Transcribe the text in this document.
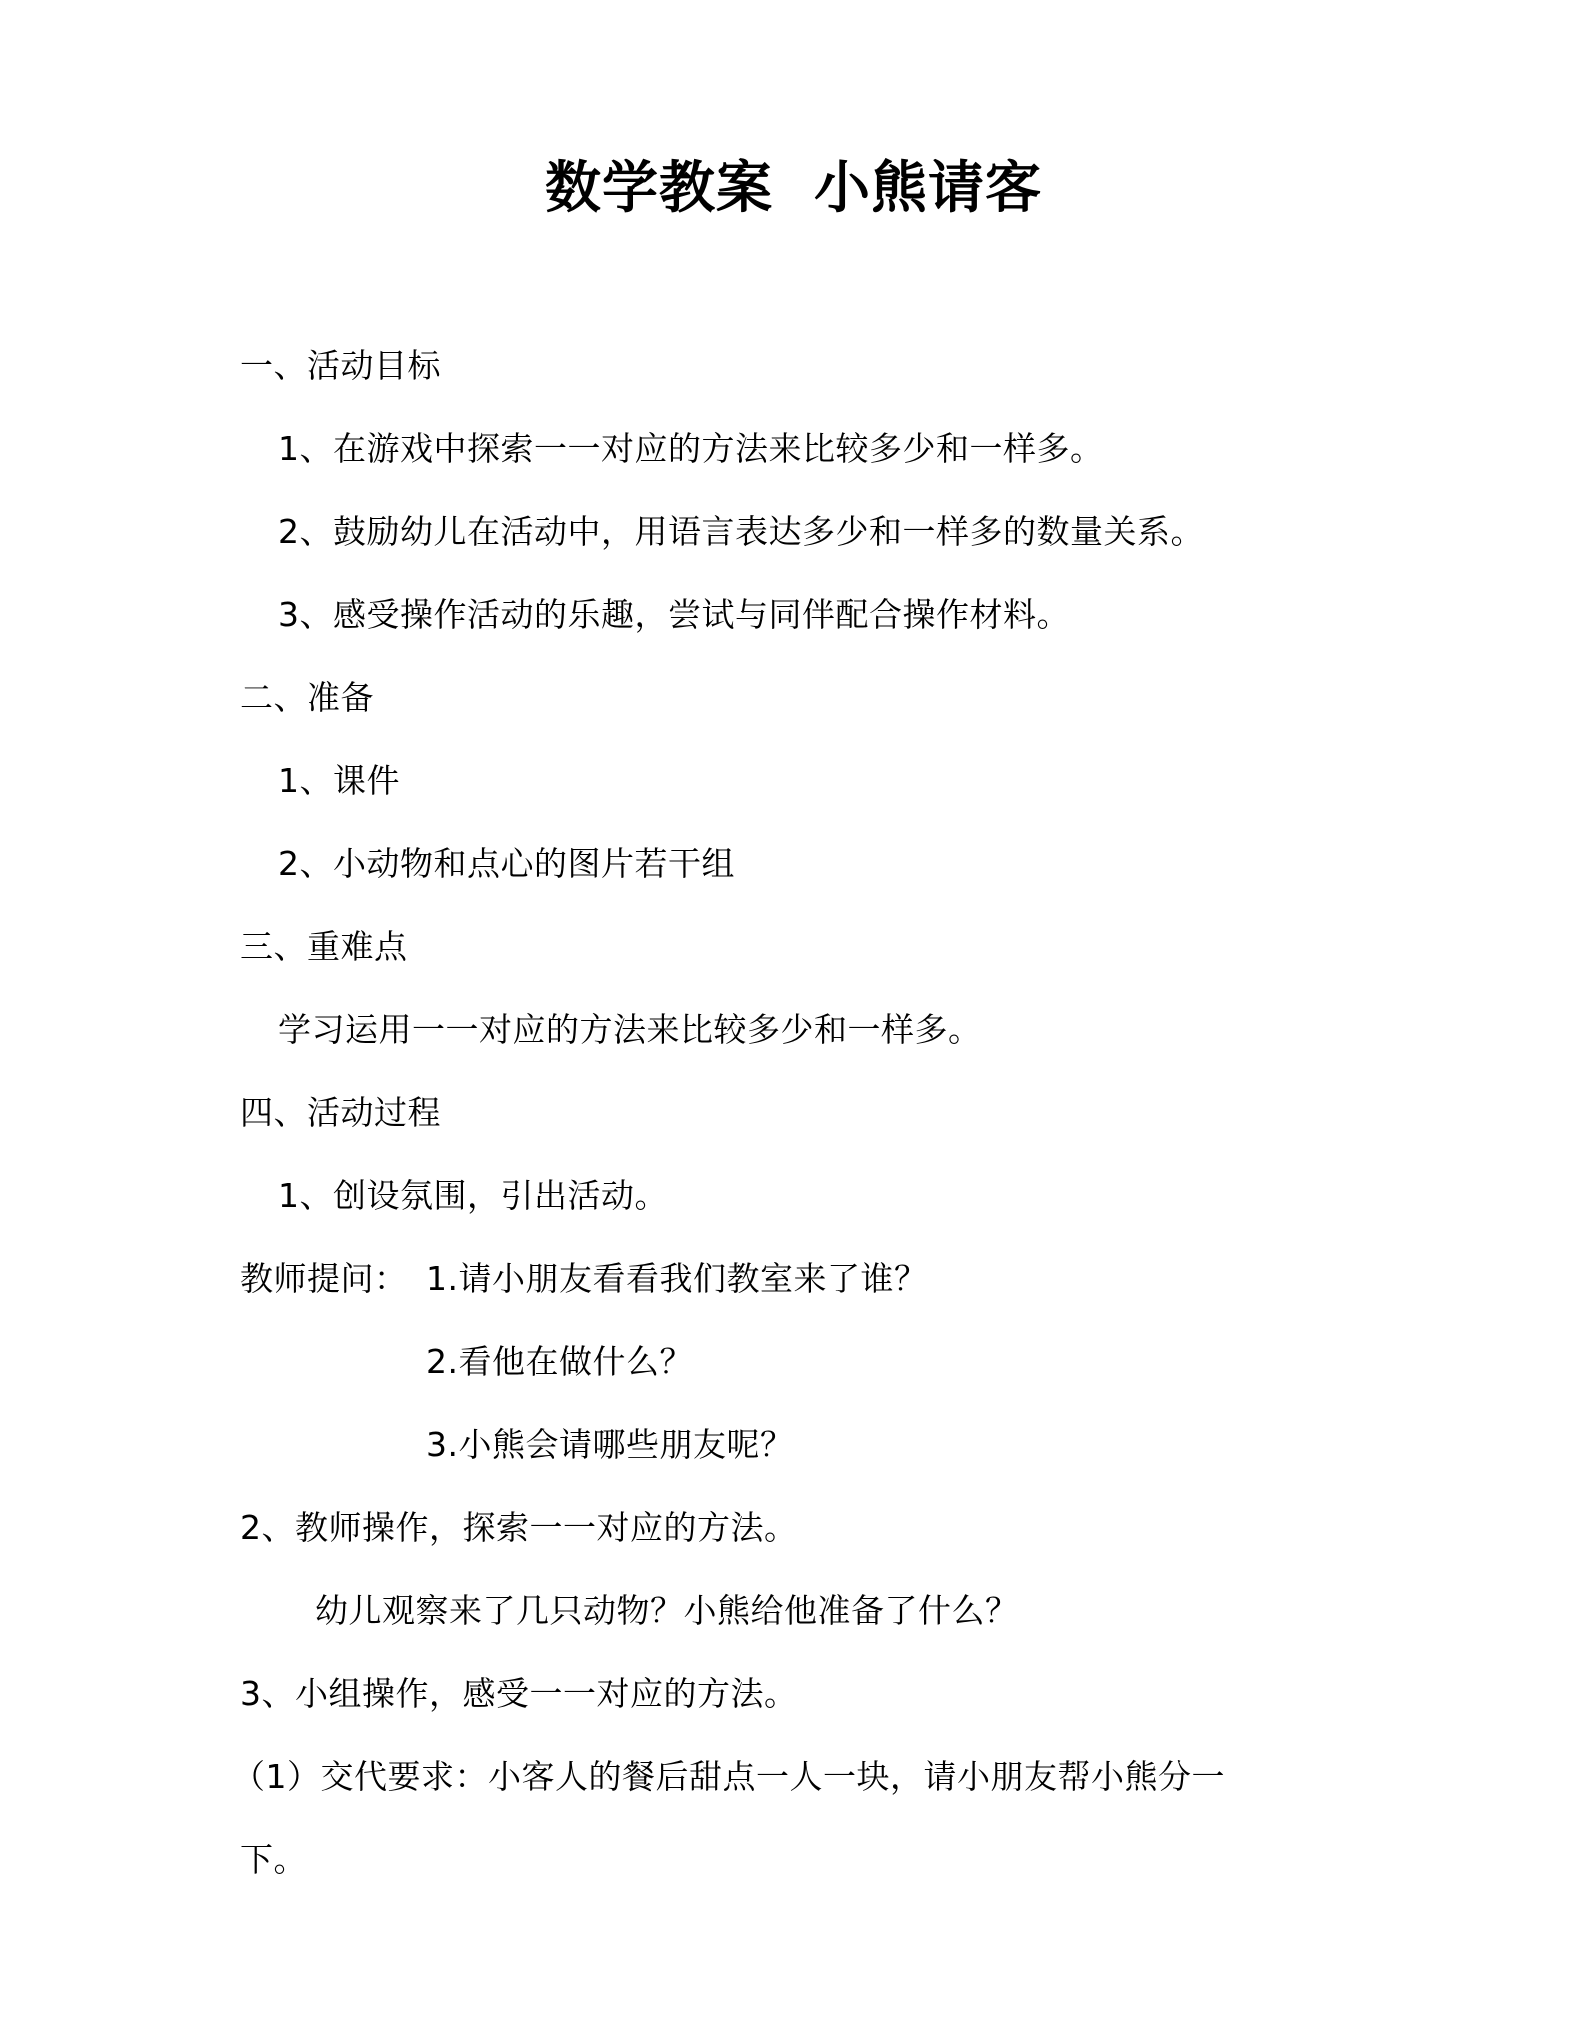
数学教案  小熊请客
一、活动目标
1、在游戏中探索一一对应的方法来比较多少和一样多。
2、鼓励幼儿在活动中，用语言表达多少和一样多的数量关系。
3、感受操作活动的乐趣，尝试与同伴配合操作材料。
二、准备
1、课件
2、小动物和点心的图片若干组
三、重难点
学习运用一一对应的方法来比较多少和一样多。
四、活动过程
1、创设氛围，引出活动。
教师提问： 1.请小朋友看看我们教室来了谁？
2.看他在做什么？
3.小熊会请哪些朋友呢？
2、教师操作，探索一一对应的方法。
幼儿观察来了几只动物？小熊给他准备了什么？
3、小组操作，感受一一对应的方法。
（1）交代要求：小客人的餐后甜点一人一块，请小朋友帮小熊分一
下。
